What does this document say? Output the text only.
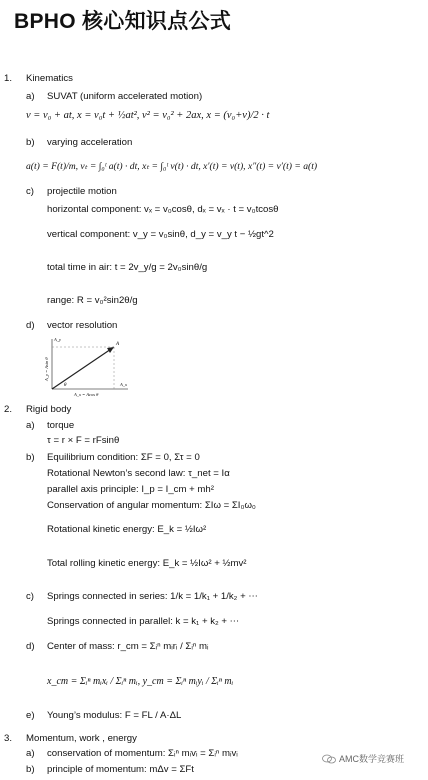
BPHO 核心知识点公式
1. Kinematics
a) SUVAT (uniform accelerated motion)
v = v₀ + at, x = v₀t + ½at², v² = v₀² + 2ax, x = (v₀+v)/2 · t
b) varying acceleration
a(t) = F(t)/m, vₜ = ∫₀ᵗ a(t) · dt, xₜ = ∫₀ᵗ v(t) · dt, x′(t) = v(t), x″(t) = v′(t) = a(t)
c) projectile motion
horizontal component: vₓ = v₀cosθ, dₓ = vₓ · t = v₀tcosθ
vertical component: v_y = v₀sinθ, d_y = v_y t − ½gt^2
total time in air: t = 2v_y/g = 2v₀sinθ/g
range: R = v₀²sin2θ/g
d) vector resolution
A_y
A_x
A
θ
A_x = Acos θ
A_y = Asin θ
2. Rigid body
a) torque
τ = r × F = rFsinθ
b) Equilibrium condition: ΣF = 0, Στ = 0
Rotational Newton’s second law: τ_net = Iα
parallel axis principle: I_p = I_cm + mh²
Conservation of angular momentum: ΣIω = ΣI₀ω₀
Rotational kinetic energy: E_k = ½Iω²
Total rolling kinetic energy: E_k = ½Iω² + ½mv²
c) Springs connected in series: 1/k = 1/k₁ + 1/k₂ + ⋯
Springs connected in parallel: k = k₁ + k₂ + ⋯
d) Center of mass: r_cm = Σᵢⁿ mᵢrᵢ / Σᵢⁿ mᵢ
x_cm = Σᵢⁿ mᵢxᵢ / Σᵢⁿ mᵢ, y_cm = Σᵢⁿ mᵢyᵢ / Σᵢⁿ mᵢ
e) Young’s modulus: F = FL / A·ΔL
3. Momentum, work , energy
a) conservation of momentum: Σᵢⁿ mᵢvᵢ = Σᵢⁿ mᵢvᵢ
b) principle of momentum: mΔv = ΣFt
AMC数学竞赛班
